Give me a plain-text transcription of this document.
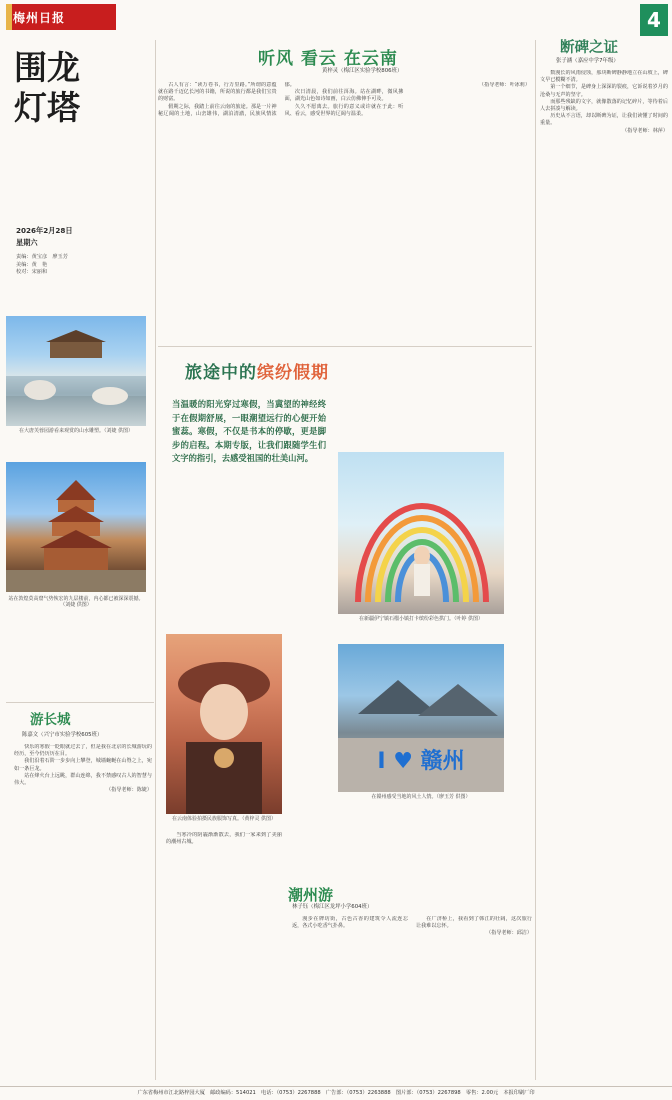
梅州日报	4
围龙灯塔
2026年2月28日
星期六
责编：黄宝彦　廖玉芳
美编：黄　艳
校对：宋丽和
在大唐芙蓉园游看来观赏的山水雕塑。（刘婕 供图）
站在敦煌莫高窟气势恢宏的九层楼前，内心都已被深深震撼。（刘婕 供图）
游长城
陈嘉文（兴宁市实验学校605班）

快乐的寒假一眨眼就过去了，但是我在北京的长城游玩的经历，至今仍历历在目。

我们沿着石阶一步步向上攀登，城墙蜿蜒在山脊之上，宛如一条巨龙。

站在烽火台上远眺，群山连绵，我不禁感叹古人的智慧与伟大。

（指导老师：陈婕）

听风 看云 在云南
黄梓灵（梅江区实验学校806班）

古人有言：“读万卷书，行万里路。”所谓的意蕴就在路千迈亿长河的书籍，所说的旅行都是我们宝贵的财富。

假期之际，我踏上前往云南的旅途。那是一片神秘辽阔的土地，山峦雄伟，湖泊清澈，民族风情浓郁。

次日清晨，我们前往洱海。站在湖畔，微风拂面，湖光山色如诗如画，白云仿佛伸手可及。

久久不愿离去。旅行的意义或许就在于此：听风、看云，感受世界的辽阔与温柔。

（指导老师：叶冰莉）

断碑之证
张子涵（嘉应中学7年级）

数漫长的风雨侵蚀，那块断碑静静地立在山坡上，碑文早已模糊不清。

第一个细节，是碑身上深深的裂痕，它诉说着岁月的沧桑与无声的坚守。

而那些残缺的文字，就像散落的记忆碎片，等待着后人去拼凑与解读。

历史从不言语，却以断碑为证，让我们读懂了时间的重量。

（指导老师：林萍）

旅途中的缤纷假期
当温暖的阳光穿过寒假，当冀望的神经终于在假期舒展，一眼潮望远行的心便开始蜜蕊。寒假，不仅是书本的停歇，更是脚步的启程。本期专版，让我们跟随学生们文字的指引，去感受祖国的壮美山河。
在新疆伊宁镇石榴小镇打卡缤纷彩色拱门。（叶婷 供图）
在云南体验拍摄民族服饰写真。（黄梓灵 供图）
I ♥ 赣州
在赣州感受当地的风土人情。（廖玉芳 供图）
潮州游
林子钰（梅江区龙坪小学604班）

当寒冷的阴霾渐渐散去，我们一家来到了美丽的潮州古城。

漫步在牌坊街，古色古香的建筑令人流连忘返，各式小吃香气扑鼻。

在广济桥上，我看到了韩江的壮阔，这次旅行让我难以忘怀。

（指导老师：邱洁）

广东省梅州市江北路梓园大厦　邮政编码：514021　电话：（0753）2267888　广告部：（0753）2263888　图片部：（0753）2267898　零售：2.00元　本报印刷厂印
